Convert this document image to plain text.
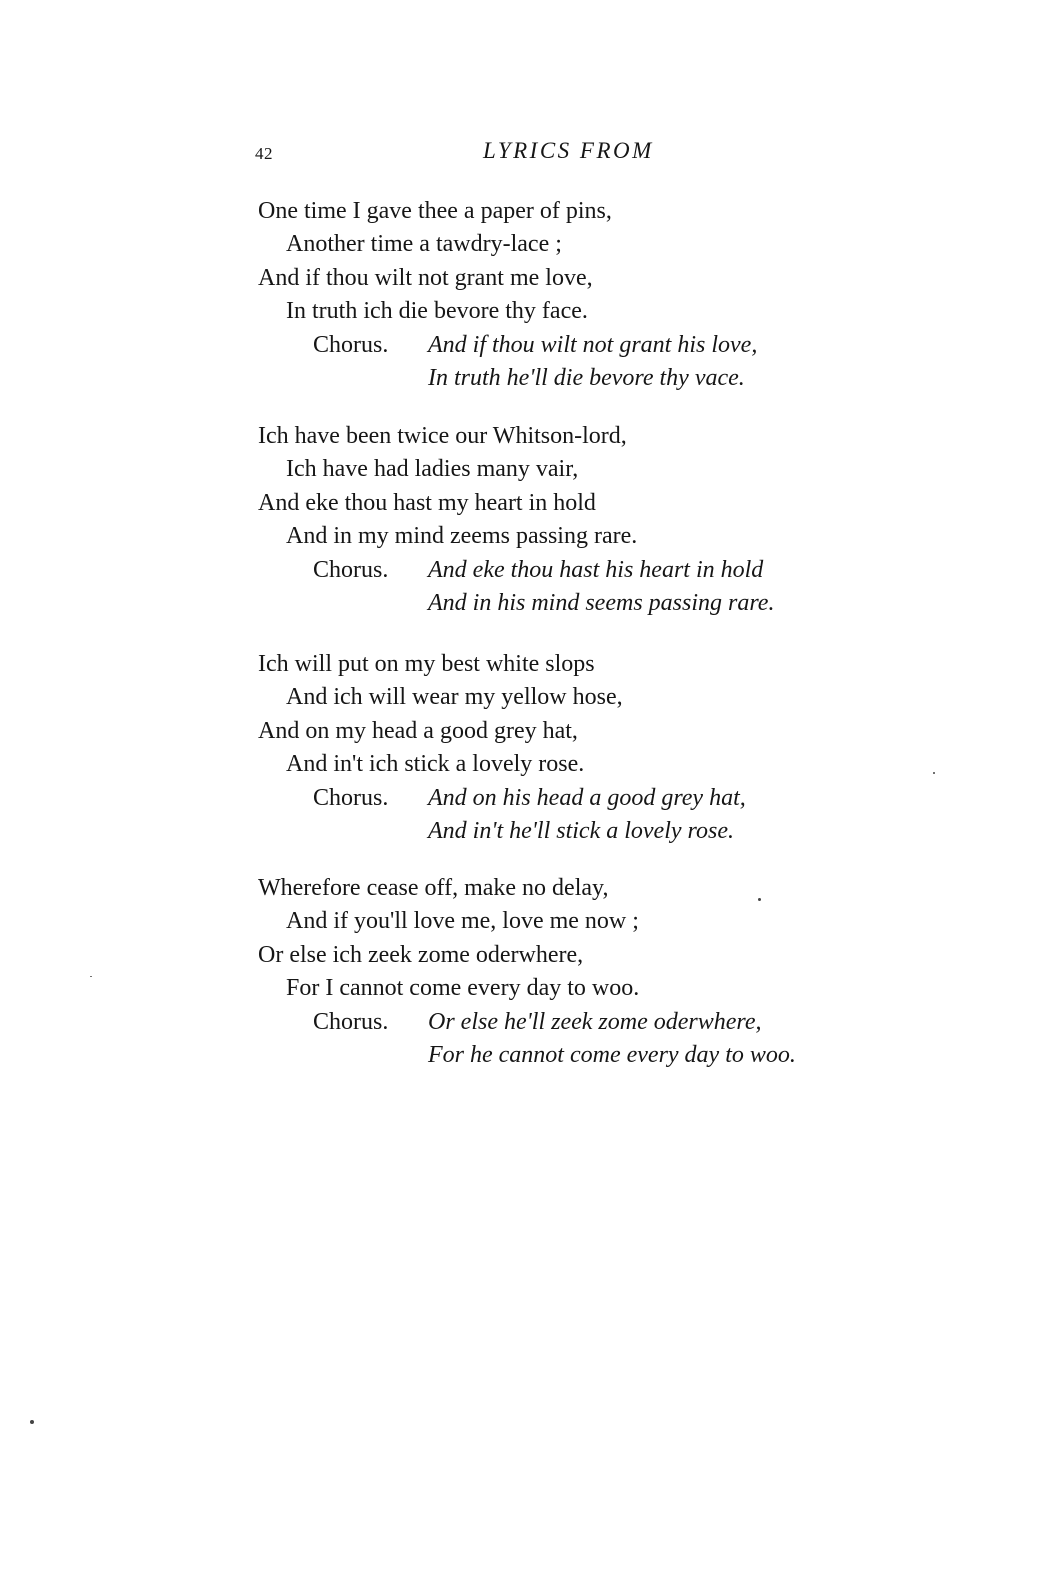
42	LYRICS FROM
One time I gave thee a paper of pins,
Another time a tawdry-lace ;
And if thou wilt not grant me love,
In truth ich die bevore thy face.
Chorus. And if thou wilt not grant his love,
In truth he'll die bevore thy vace.
Ich have been twice our Whitson-lord,
Ich have had ladies many vair,
And eke thou hast my heart in hold
And in my mind zeems passing rare.
Chorus. And eke thou hast his heart in hold
And in his mind seems passing rare.
Ich will put on my best white slops
And ich will wear my yellow hose,
And on my head a good grey hat,
And in't ich stick a lovely rose.
Chorus. And on his head a good grey hat,
And in't he'll stick a lovely rose.
Wherefore cease off, make no delay,
And if you'll love me, love me now ;
Or else ich zeek zome oderwhere,
For I cannot come every day to woo.
Chorus. Or else he'll zeek zome oderwhere,
For he cannot come every day to woo.
